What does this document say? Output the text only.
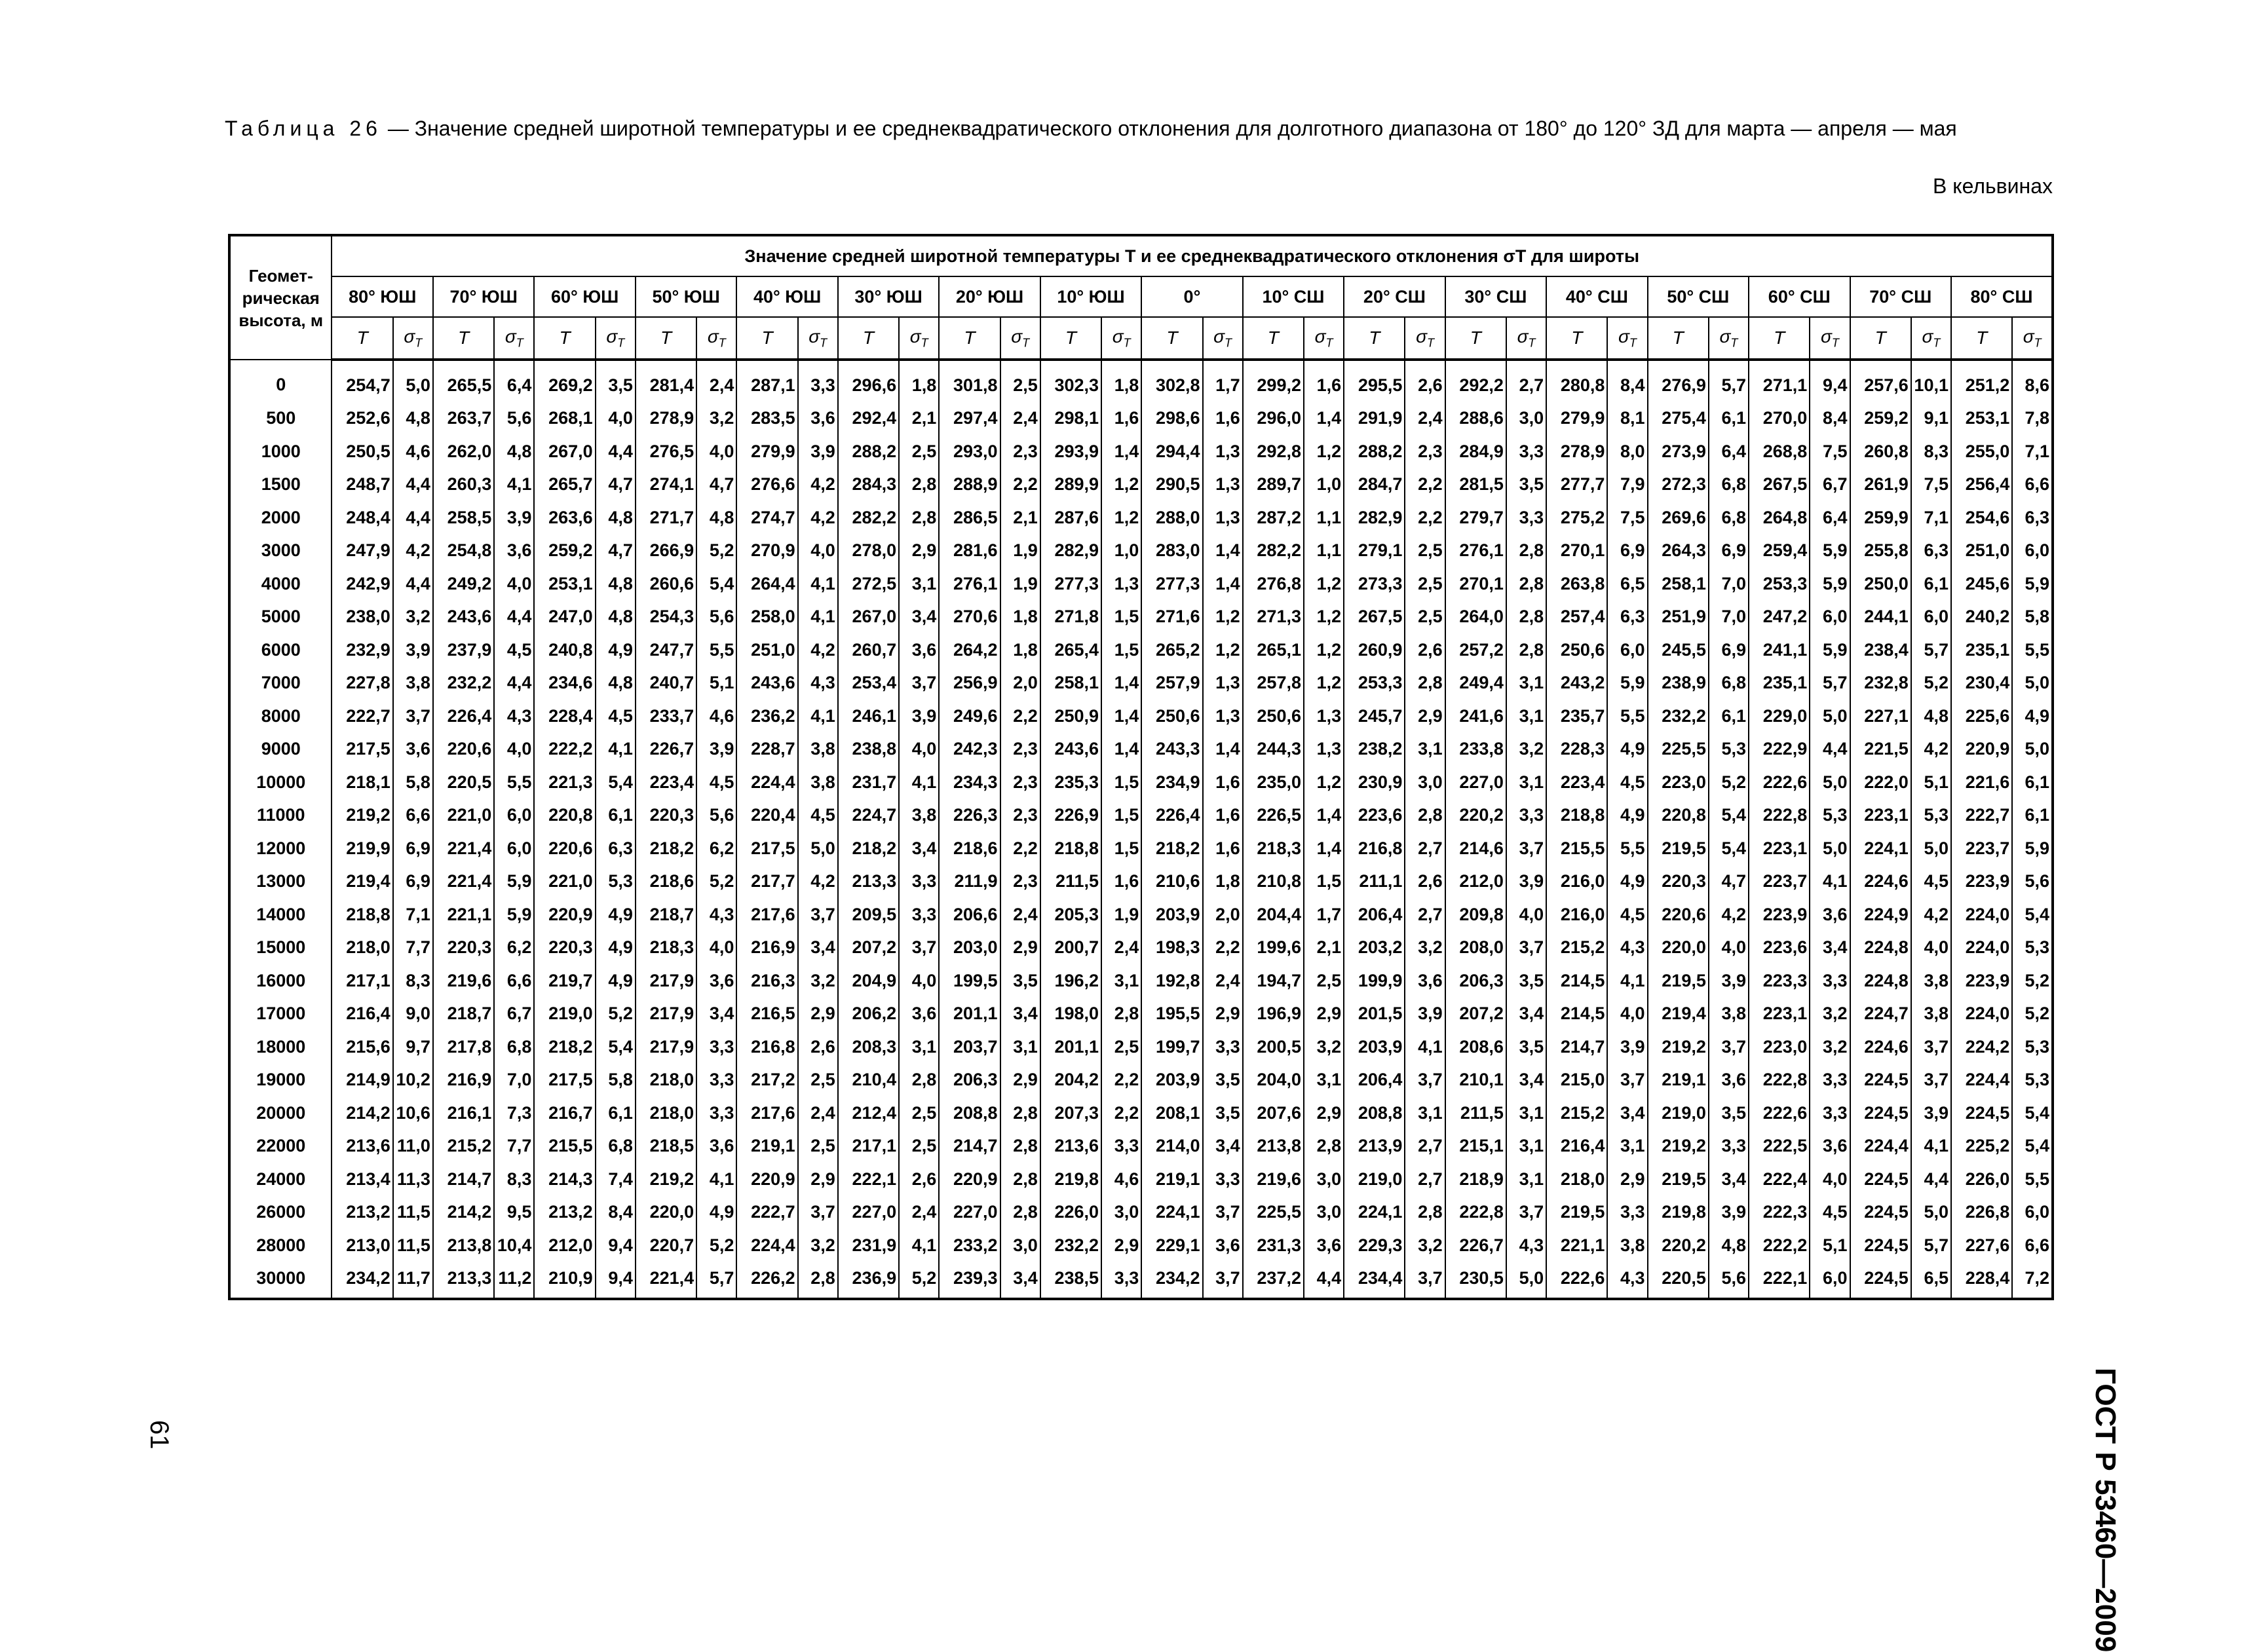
Таблица 26 — Значение средней широтной температуры и ее среднеквадратического отклонения для долготного диапазона от 180° до 120° ЗД для марта — апреля — мая
В кельвинах
Геомет-рическая высота, м	Значение средней широтной температуры T и ее среднеквадратического отклонения σT для широты																																	
	80° ЮШ		70° ЮШ		60° ЮШ		50° ЮШ		40° ЮШ		30° ЮШ		20° ЮШ		10° ЮШ		0°		10° СШ		20° СШ		30° СШ		40° СШ		50° СШ		60° СШ		70° СШ		80° СШ	
	T	$\sigma_T$	T	$\sigma_T$	T	$\sigma_T$	T	$\sigma_T$	T	$\sigma_T$	T	$\sigma_T$	T	$\sigma_T$	T	$\sigma_T$	T	$\sigma_T$	T	$\sigma_T$	T	$\sigma_T$	T	$\sigma_T$	T	$\sigma_T$	T	$\sigma_T$	T	$\sigma_T$	T	$\sigma_T$	T	$\sigma_T$
0	254,7	5,0	265,5	6,4	269,2	3,5	281,4	2,4	287,1	3,3	296,6	1,8	301,8	2,5	302,3	1,8	302,8	1,7	299,2	1,6	295,5	2,6	292,2	2,7	280,8	8,4	276,9	5,7	271,1	9,4	257,6	10,1	251,2	8,6
500	252,6	4,8	263,7	5,6	268,1	4,0	278,9	3,2	283,5	3,6	292,4	2,1	297,4	2,4	298,1	1,6	298,6	1,6	296,0	1,4	291,9	2,4	288,6	3,0	279,9	8,1	275,4	6,1	270,0	8,4	259,2	9,1	253,1	7,8
1000	250,5	4,6	262,0	4,8	267,0	4,4	276,5	4,0	279,9	3,9	288,2	2,5	293,0	2,3	293,9	1,4	294,4	1,3	292,8	1,2	288,2	2,3	284,9	3,3	278,9	8,0	273,9	6,4	268,8	7,5	260,8	8,3	255,0	7,1
1500	248,7	4,4	260,3	4,1	265,7	4,7	274,1	4,7	276,6	4,2	284,3	2,8	288,9	2,2	289,9	1,2	290,5	1,3	289,7	1,0	284,7	2,2	281,5	3,5	277,7	7,9	272,3	6,8	267,5	6,7	261,9	7,5	256,4	6,6
2000	248,4	4,4	258,5	3,9	263,6	4,8	271,7	4,8	274,7	4,2	282,2	2,8	286,5	2,1	287,6	1,2	288,0	1,3	287,2	1,1	282,9	2,2	279,7	3,3	275,2	7,5	269,6	6,8	264,8	6,4	259,9	7,1	254,6	6,3
3000	247,9	4,2	254,8	3,6	259,2	4,7	266,9	5,2	270,9	4,0	278,0	2,9	281,6	1,9	282,9	1,0	283,0	1,4	282,2	1,1	279,1	2,5	276,1	2,8	270,1	6,9	264,3	6,9	259,4	5,9	255,8	6,3	251,0	6,0
4000	242,9	4,4	249,2	4,0	253,1	4,8	260,6	5,4	264,4	4,1	272,5	3,1	276,1	1,9	277,3	1,3	277,3	1,4	276,8	1,2	273,3	2,5	270,1	2,8	263,8	6,5	258,1	7,0	253,3	5,9	250,0	6,1	245,6	5,9
5000	238,0	3,2	243,6	4,4	247,0	4,8	254,3	5,6	258,0	4,1	267,0	3,4	270,6	1,8	271,8	1,5	271,6	1,2	271,3	1,2	267,5	2,5	264,0	2,8	257,4	6,3	251,9	7,0	247,2	6,0	244,1	6,0	240,2	5,8
6000	232,9	3,9	237,9	4,5	240,8	4,9	247,7	5,5	251,0	4,2	260,7	3,6	264,2	1,8	265,4	1,5	265,2	1,2	265,1	1,2	260,9	2,6	257,2	2,8	250,6	6,0	245,5	6,9	241,1	5,9	238,4	5,7	235,1	5,5
7000	227,8	3,8	232,2	4,4	234,6	4,8	240,7	5,1	243,6	4,3	253,4	3,7	256,9	2,0	258,1	1,4	257,9	1,3	257,8	1,2	253,3	2,8	249,4	3,1	243,2	5,9	238,9	6,8	235,1	5,7	232,8	5,2	230,4	5,0
8000	222,7	3,7	226,4	4,3	228,4	4,5	233,7	4,6	236,2	4,1	246,1	3,9	249,6	2,2	250,9	1,4	250,6	1,3	250,6	1,3	245,7	2,9	241,6	3,1	235,7	5,5	232,2	6,1	229,0	5,0	227,1	4,8	225,6	4,9
9000	217,5	3,6	220,6	4,0	222,2	4,1	226,7	3,9	228,7	3,8	238,8	4,0	242,3	2,3	243,6	1,4	243,3	1,4	244,3	1,3	238,2	3,1	233,8	3,2	228,3	4,9	225,5	5,3	222,9	4,4	221,5	4,2	220,9	5,0
10000	218,1	5,8	220,5	5,5	221,3	5,4	223,4	4,5	224,4	3,8	231,7	4,1	234,3	2,3	235,3	1,5	234,9	1,6	235,0	1,2	230,9	3,0	227,0	3,1	223,4	4,5	223,0	5,2	222,6	5,0	222,0	5,1	221,6	6,1
11000	219,2	6,6	221,0	6,0	220,8	6,1	220,3	5,6	220,4	4,5	224,7	3,8	226,3	2,3	226,9	1,5	226,4	1,6	226,5	1,4	223,6	2,8	220,2	3,3	218,8	4,9	220,8	5,4	222,8	5,3	223,1	5,3	222,7	6,1
12000	219,9	6,9	221,4	6,0	220,6	6,3	218,2	6,2	217,5	5,0	218,2	3,4	218,6	2,2	218,8	1,5	218,2	1,6	218,3	1,4	216,8	2,7	214,6	3,7	215,5	5,5	219,5	5,4	223,1	5,0	224,1	5,0	223,7	5,9
13000	219,4	6,9	221,4	5,9	221,0	5,3	218,6	5,2	217,7	4,2	213,3	3,3	211,9	2,3	211,5	1,6	210,6	1,8	210,8	1,5	211,1	2,6	212,0	3,9	216,0	4,9	220,3	4,7	223,7	4,1	224,6	4,5	223,9	5,6
14000	218,8	7,1	221,1	5,9	220,9	4,9	218,7	4,3	217,6	3,7	209,5	3,3	206,6	2,4	205,3	1,9	203,9	2,0	204,4	1,7	206,4	2,7	209,8	4,0	216,0	4,5	220,6	4,2	223,9	3,6	224,9	4,2	224,0	5,4
15000	218,0	7,7	220,3	6,2	220,3	4,9	218,3	4,0	216,9	3,4	207,2	3,7	203,0	2,9	200,7	2,4	198,3	2,2	199,6	2,1	203,2	3,2	208,0	3,7	215,2	4,3	220,0	4,0	223,6	3,4	224,8	4,0	224,0	5,3
16000	217,1	8,3	219,6	6,6	219,7	4,9	217,9	3,6	216,3	3,2	204,9	4,0	199,5	3,5	196,2	3,1	192,8	2,4	194,7	2,5	199,9	3,6	206,3	3,5	214,5	4,1	219,5	3,9	223,3	3,3	224,8	3,8	223,9	5,2
17000	216,4	9,0	218,7	6,7	219,0	5,2	217,9	3,4	216,5	2,9	206,2	3,6	201,1	3,4	198,0	2,8	195,5	2,9	196,9	2,9	201,5	3,9	207,2	3,4	214,5	4,0	219,4	3,8	223,1	3,2	224,7	3,8	224,0	5,2
18000	215,6	9,7	217,8	6,8	218,2	5,4	217,9	3,3	216,8	2,6	208,3	3,1	203,7	3,1	201,1	2,5	199,7	3,3	200,5	3,2	203,9	4,1	208,6	3,5	214,7	3,9	219,2	3,7	223,0	3,2	224,6	3,7	224,2	5,3
19000	214,9	10,2	216,9	7,0	217,5	5,8	218,0	3,3	217,2	2,5	210,4	2,8	206,3	2,9	204,2	2,2	203,9	3,5	204,0	3,1	206,4	3,7	210,1	3,4	215,0	3,7	219,1	3,6	222,8	3,3	224,5	3,7	224,4	5,3
20000	214,2	10,6	216,1	7,3	216,7	6,1	218,0	3,3	217,6	2,4	212,4	2,5	208,8	2,8	207,3	2,2	208,1	3,5	207,6	2,9	208,8	3,1	211,5	3,1	215,2	3,4	219,0	3,5	222,6	3,3	224,5	3,9	224,5	5,4
22000	213,6	11,0	215,2	7,7	215,5	6,8	218,5	3,6	219,1	2,5	217,1	2,5	214,7	2,8	213,6	3,3	214,0	3,4	213,8	2,8	213,9	2,7	215,1	3,1	216,4	3,1	219,2	3,3	222,5	3,6	224,4	4,1	225,2	5,4
24000	213,4	11,3	214,7	8,3	214,3	7,4	219,2	4,1	220,9	2,9	222,1	2,6	220,9	2,8	219,8	4,6	219,1	3,3	219,6	3,0	219,0	2,7	218,9	3,1	218,0	2,9	219,5	3,4	222,4	4,0	224,5	4,4	226,0	5,5
26000	213,2	11,5	214,2	9,5	213,2	8,4	220,0	4,9	222,7	3,7	227,0	2,4	227,0	2,8	226,0	3,0	224,1	3,7	225,5	3,0	224,1	2,8	222,8	3,7	219,5	3,3	219,8	3,9	222,3	4,5	224,5	5,0	226,8	6,0
28000	213,0	11,5	213,8	10,4	212,0	9,4	220,7	5,2	224,4	3,2	231,9	4,1	233,2	3,0	232,2	2,9	229,1	3,6	231,3	3,6	229,3	3,2	226,7	4,3	221,1	3,8	220,2	4,8	222,2	5,1	224,5	5,7	227,6	6,6
30000	234,2	11,7	213,3	11,2	210,9	9,4	221,4	5,7	226,2	2,8	236,9	5,2	239,3	3,4	238,5	3,3	234,2	3,7	237,2	4,4	234,4	3,7	230,5	5,0	222,6	4,3	220,5	5,6	222,1	6,0	224,5	6,5	228,4	7,2
ГОСТ Р 53460—2009
61
